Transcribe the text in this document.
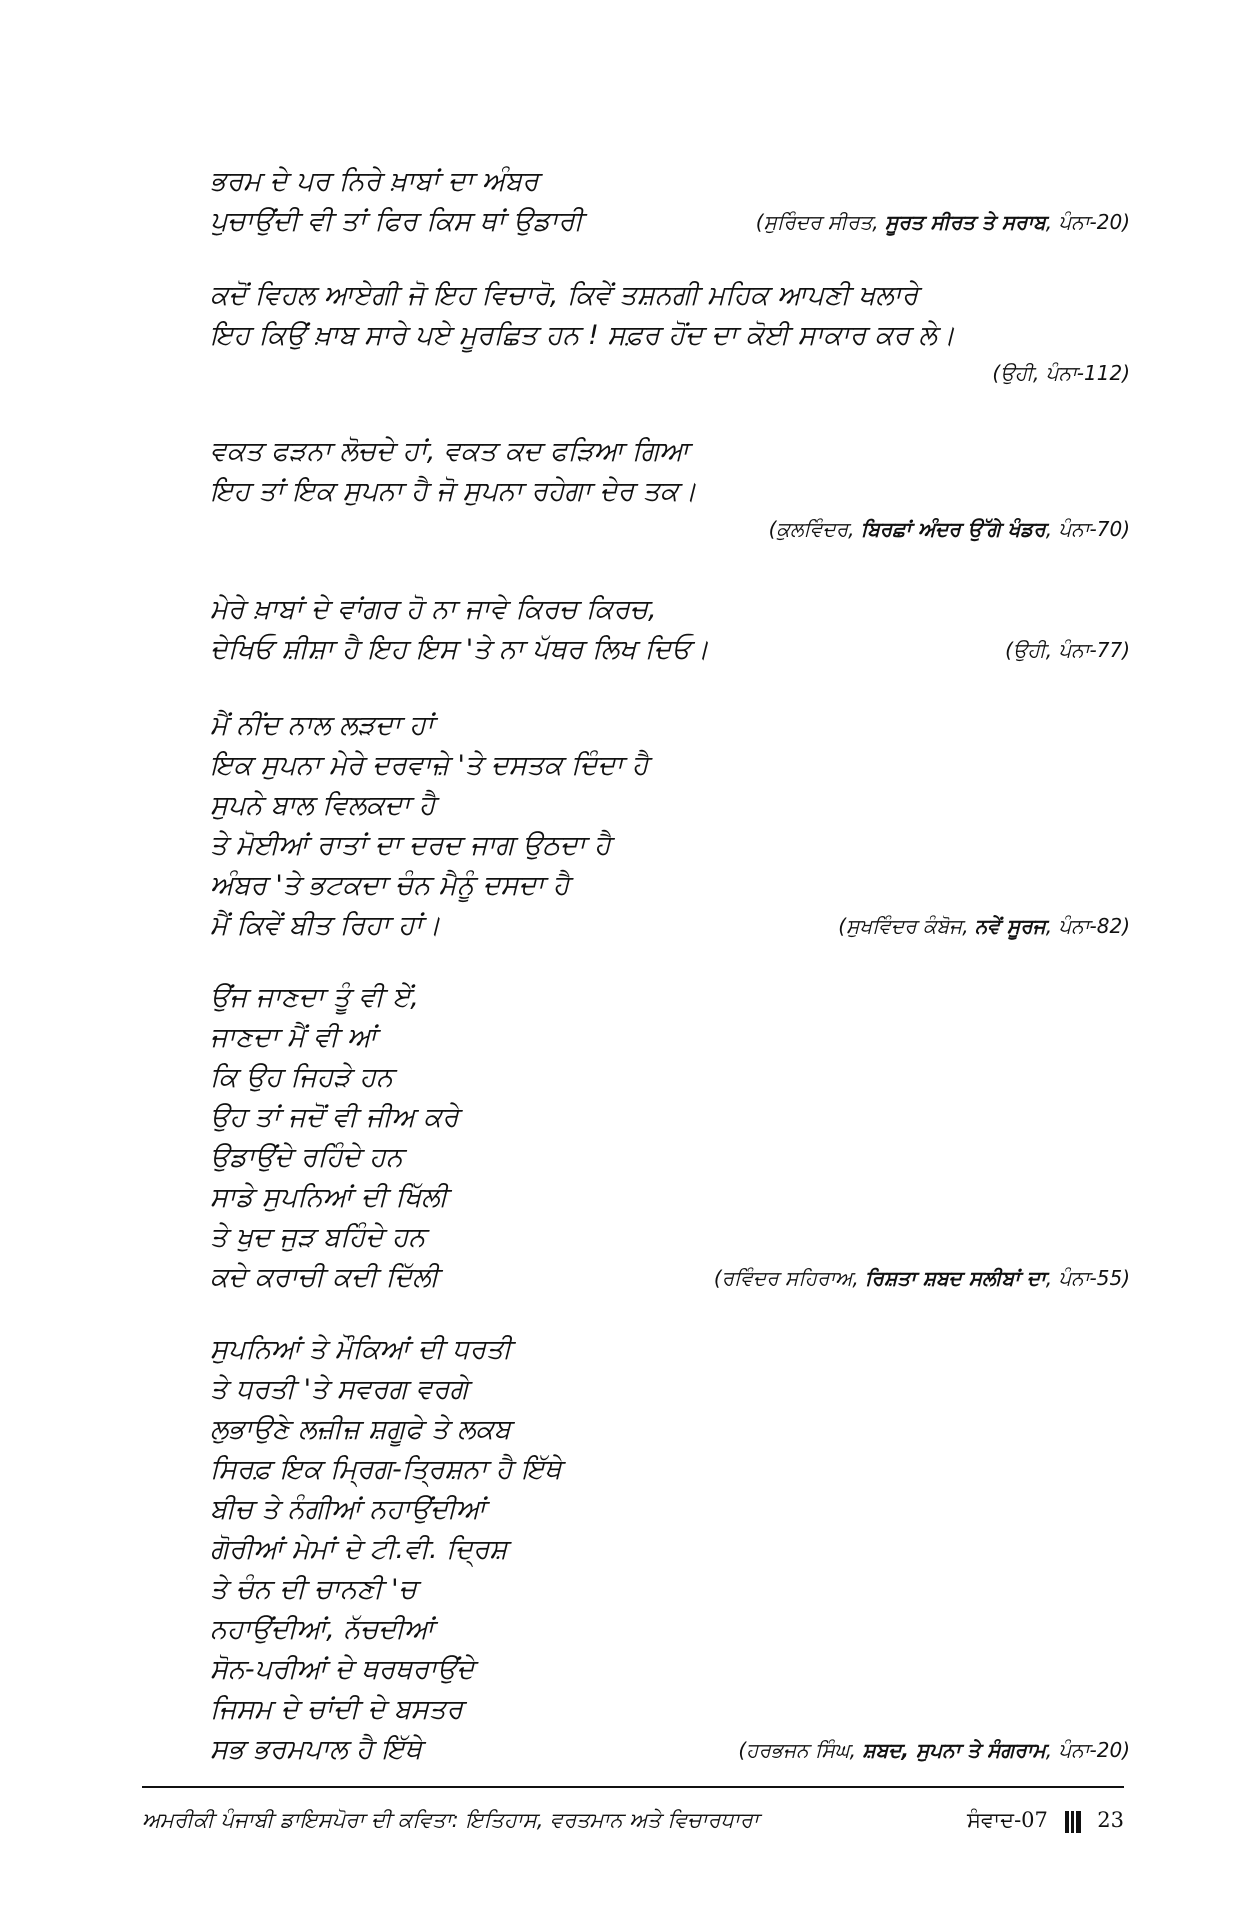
ਭਰਮ ਦੇ ਪਰ ਨਿਰੇ ਖ਼ਾਬਾਂ ਦਾ ਅੰਬਰ
ਪੁਚਾਉਂਦੀ ਵੀ ਤਾਂ ਫਿਰ ਕਿਸ ਥਾਂ ਉਡਾਰੀ	(ਸੁਰਿੰਦਰ ਸੀਰਤ, ਸੂਰਤ ਸੀਰਤ ਤੇ ਸਰਾਬ, ਪੰਨਾ-20)
ਕਦੋਂ ਵਿਹਲ ਆਏਗੀ ਜੋ ਇਹ ਵਿਚਾਰੋ, ਕਿਵੇਂ ਤਸ਼ਨਗੀ ਮਹਿਕ ਆਪਣੀ ਖਲਾਰੇ
ਇਹ ਕਿਉਂ ਖ਼ਾਬ ਸਾਰੇ ਪਏ ਮੂਰਛਿਤ ਹਨ ! ਸਫ਼ਰ ਹੋਂਦ ਦਾ ਕੋਈ ਸਾਕਾਰ ਕਰ ਲੇ।
(ਉਹੀ, ਪੰਨਾ-112)
ਵਕਤ ਫੜਨਾ ਲੋਚਦੇ ਹਾਂ, ਵਕਤ ਕਦ ਫੜਿਆ ਗਿਆ
ਇਹ ਤਾਂ ਇਕ ਸੁਪਨਾ ਹੈ ਜੋ ਸੁਪਨਾ ਰਹੇਗਾ ਦੇਰ ਤਕ।
(ਕੁਲਵਿੰਦਰ, ਬਿਰਛਾਂ ਅੰਦਰ ਉੱਗੇ ਖੰਡਰ, ਪੰਨਾ-70)
ਮੇਰੇ ਖ਼ਾਬਾਂ ਦੇ ਵਾਂਗਰ ਹੋ ਨਾ ਜਾਵੇ ਕਿਰਚ ਕਿਰਚ,
ਦੇਖਿਓ ਸ਼ੀਸ਼ਾ ਹੈ ਇਹ ਇਸ 'ਤੇ ਨਾ ਪੱਥਰ ਲਿਖ ਦਿਓ।	(ਉਹੀ, ਪੰਨਾ-77)
ਮੈਂ ਨੀਂਦ ਨਾਲ ਲੜਦਾ ਹਾਂ
ਇਕ ਸੁਪਨਾ ਮੇਰੇ ਦਰਵਾਜ਼ੇ 'ਤੇ ਦਸਤਕ ਦਿੰਦਾ ਹੈ
ਸੁਪਨੇ ਬਾਲ ਵਿਲਕਦਾ ਹੈ
ਤੇ ਮੋਈਆਂ ਰਾਤਾਂ ਦਾ ਦਰਦ ਜਾਗ ਉਠਦਾ ਹੈ
ਅੰਬਰ 'ਤੇ ਭਟਕਦਾ ਚੰਨ ਮੈਨੂੰ ਦਸਦਾ ਹੈ
ਮੈਂ ਕਿਵੇਂ ਬੀਤ ਰਿਹਾ ਹਾਂ।	(ਸੁਖਵਿੰਦਰ ਕੰਬੋਜ, ਨਵੇਂ ਸੂਰਜ, ਪੰਨਾ-82)
ਉਂਜ ਜਾਣਦਾ ਤੂੰ ਵੀ ਏਂ,
ਜਾਣਦਾ ਮੈਂ ਵੀ ਆਂ
ਕਿ ਉਹ ਜਿਹੜੇ ਹਨ
ਉਹ ਤਾਂ ਜਦੋਂ ਵੀ ਜੀਅ ਕਰੇ
ਉਡਾਉਂਦੇ ਰਹਿੰਦੇ ਹਨ
ਸਾਡੇ ਸੁਪਨਿਆਂ ਦੀ ਖਿੱਲੀ
ਤੇ ਖੁਦ ਜੁੜ ਬਹਿੰਦੇ ਹਨ
ਕਦੇ ਕਰਾਚੀ ਕਦੀ ਦਿੱਲੀ	(ਰਵਿੰਦਰ ਸਹਿਰਾਅ, ਰਿਸ਼ਤਾ ਸ਼ਬਦ ਸਲੀਬਾਂ ਦਾ, ਪੰਨਾ-55)
ਸੁਪਨਿਆਂ ਤੇ ਮੌਕਿਆਂ ਦੀ ਧਰਤੀ
ਤੇ ਧਰਤੀ 'ਤੇ ਸਵਰਗ ਵਰਗੇ
ਲੁਭਾਉਣੇ ਲਜ਼ੀਜ਼ ਸ਼ਗੂਫੇ ਤੇ ਲਕਬ
ਸਿਰਫ਼ ਇਕ ਮ੍ਰਿਗ-ਤ੍ਰਿਸ਼ਨਾ ਹੈ ਇੱਥੇ
ਬੀਚ ਤੇ ਨੰਗੀਆਂ ਨਹਾਉਂਦੀਆਂ
ਗੋਰੀਆਂ ਮੇਮਾਂ ਦੇ ਟੀ.ਵੀ. ਦ੍ਰਿਸ਼
ਤੇ ਚੰਨ ਦੀ ਚਾਨਣੀ 'ਚ
ਨਹਾਉਂਦੀਆਂ, ਨੱਚਦੀਆਂ
ਸੋਨ-ਪਰੀਆਂ ਦੇ ਥਰਥਰਾਉਂਦੇ
ਜਿਸਮ ਦੇ ਚਾਂਦੀ ਦੇ ਬਸਤਰ
ਸਭ ਭਰਮਪਾਲ ਹੈ ਇੱਥੇ	(ਹਰਭਜਨ ਸਿੰਘ, ਸ਼ਬਦ, ਸੁਪਨਾ ਤੇ ਸੰਗਰਾਮ, ਪੰਨਾ-20)
ਅਮਰੀਕੀ ਪੰਜਾਬੀ ਡਾਇਸਪੋਰਾ ਦੀ ਕਵਿਤਾ: ਇਤਿਹਾਸ, ਵਰਤਮਾਨ ਅਤੇ ਵਿਚਾਰਧਾਰਾ	ਸੰਵਾਦ-07 23
